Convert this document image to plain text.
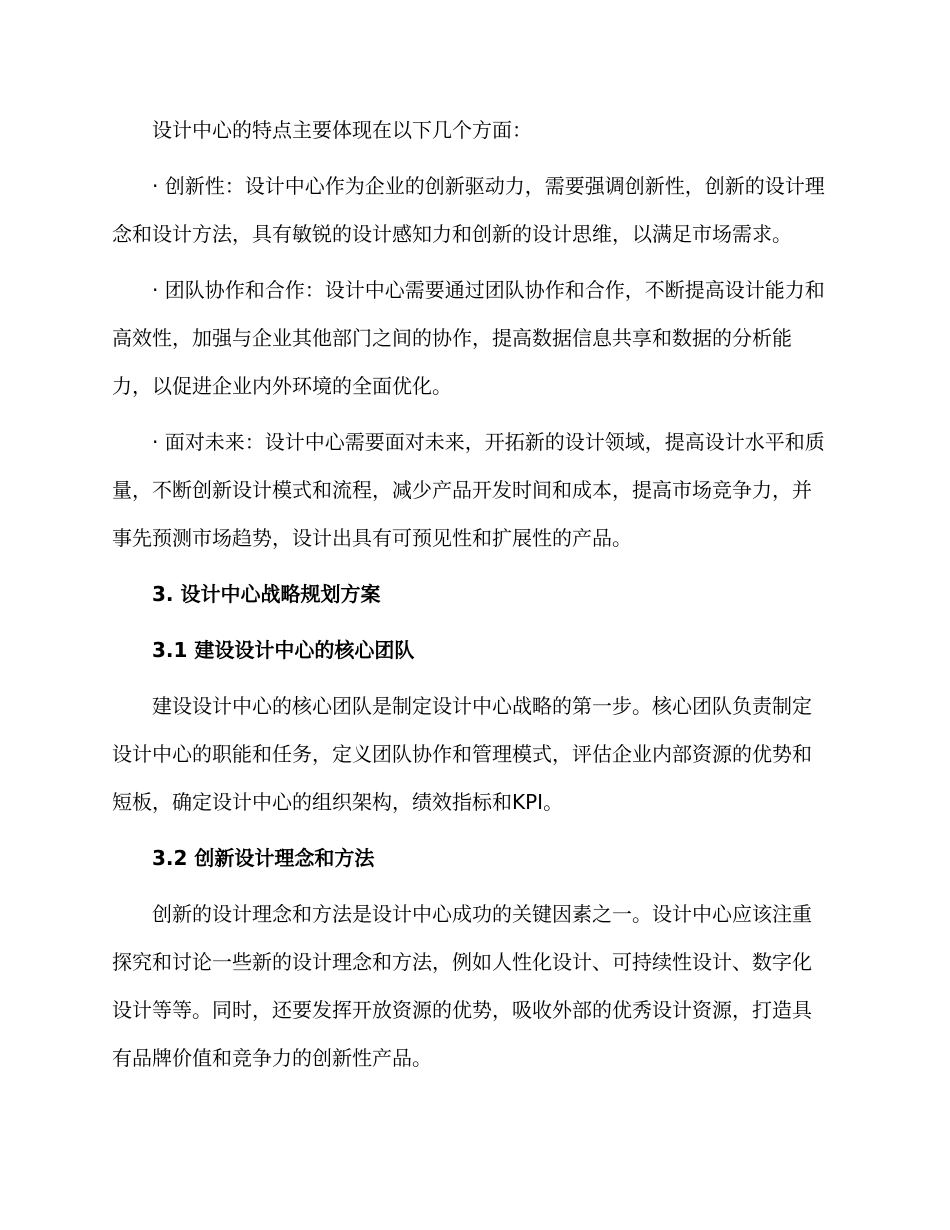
设计中心的特点主要体现在以下几个方面：

· 创新性：设计中心作为企业的创新驱动力，需要强调创新性，创新的设计理念和设计方法，具有敏锐的设计感知力和创新的设计思维，以满足市场需求。

· 团队协作和合作：设计中心需要通过团队协作和合作，不断提高设计能力和高效性，加强与企业其他部门之间的协作，提高数据信息共享和数据的分析能力，以促进企业内外环境的全面优化。

· 面对未来：设计中心需要面对未来，开拓新的设计领域，提高设计水平和质量，不断创新设计模式和流程，减少产品开发时间和成本，提高市场竞争力，并事先预测市场趋势，设计出具有可预见性和扩展性的产品。

3. 设计中心战略规划方案

3.1 建设设计中心的核心团队

建设设计中心的核心团队是制定设计中心战略的第一步。核心团队负责制定设计中心的职能和任务，定义团队协作和管理模式，评估企业内部资源的优势和短板，确定设计中心的组织架构，绩效指标和KPI。

3.2 创新设计理念和方法

创新的设计理念和方法是设计中心成功的关键因素之一。设计中心应该注重探究和讨论一些新的设计理念和方法，例如人性化设计、可持续性设计、数字化设计等等。同时，还要发挥开放资源的优势，吸收外部的优秀设计资源，打造具有品牌价值和竞争力的创新性产品。
